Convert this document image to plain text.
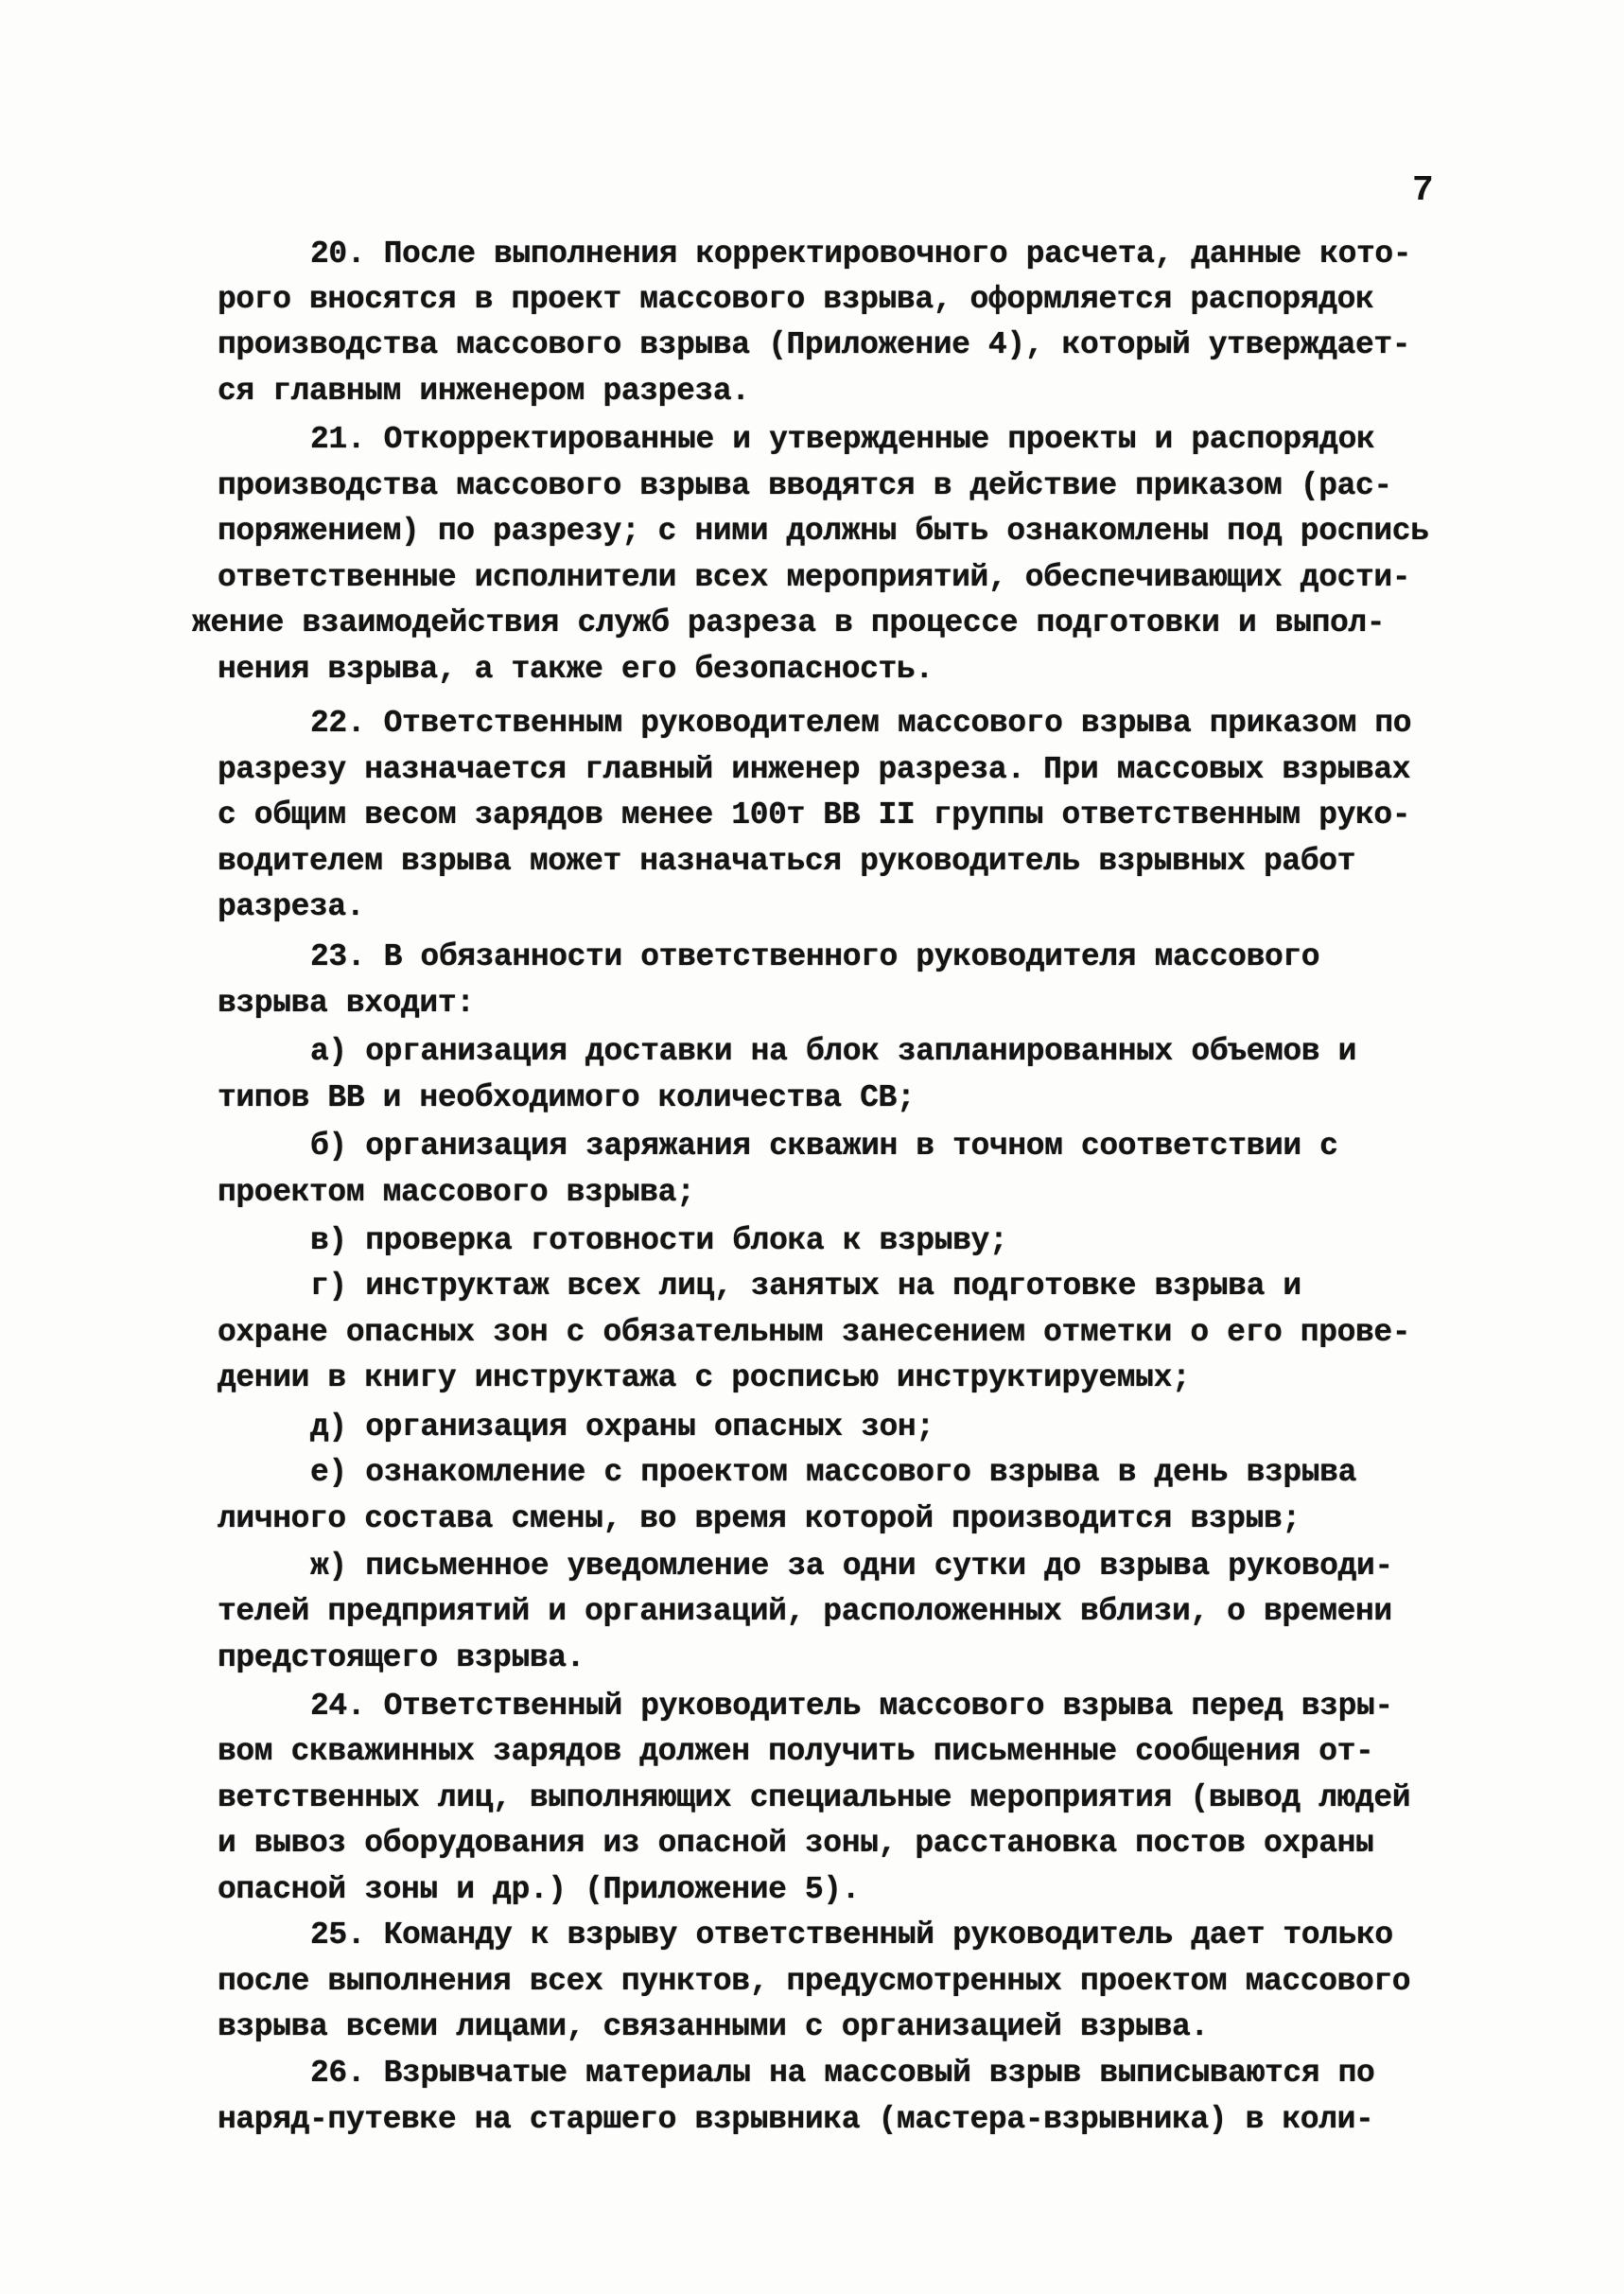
7
20. После выполнения корректировочного расчета, данные кото-
рого вносятся в проект массового взрыва, оформляется распорядок
производства массового взрыва (Приложение 4), который утверждает-
ся главным инженером разреза.
21. Откорректированные и утвержденные проекты и распорядок
производства массового взрыва вводятся в действие приказом (рас-
поряжением) по разрезу; с ними должны быть ознакомлены под роспись
ответственные исполнители всех мероприятий, обеспечивающих дости-
жение взаимодействия служб разреза в процессе подготовки и выпол-
нения взрыва, а также его безопасность.
22. Ответственным руководителем массового взрыва приказом по
разрезу назначается главный инженер разреза. При массовых взрывах
с общим весом зарядов менее 100т ВВ II группы ответственным руко-
водителем взрыва может назначаться руководитель взрывных работ
разреза.
23. В обязанности ответственного руководителя массового
взрыва входит:
а) организация доставки на блок запланированных объемов и
типов ВВ и необходимого количества СВ;
б) организация заряжания скважин в точном соответствии с
проектом массового взрыва;
в) проверка готовности блока к взрыву;
г) инструктаж всех лиц, занятых на подготовке взрыва и
охране опасных зон с обязательным занесением отметки о его прове-
дении в книгу инструктажа с росписью инструктируемых;
д) организация охраны опасных зон;
е) ознакомление с проектом массового взрыва в день взрыва
личного состава смены, во время которой производится взрыв;
ж) письменное уведомление за одни сутки до взрыва руководи-
телей предприятий и организаций, расположенных вблизи, о времени
предстоящего взрыва.
24. Ответственный руководитель массового взрыва перед взры-
вом скважинных зарядов должен получить письменные сообщения от-
ветственных лиц, выполняющих специальные мероприятия (вывод людей
и вывоз оборудования из опасной зоны, расстановка постов охраны
опасной зоны и др.) (Приложение 5).
25. Команду к взрыву ответственный руководитель дает только
после выполнения всех пунктов, предусмотренных проектом массового
взрыва всеми лицами, связанными с организацией взрыва.
26. Взрывчатые материалы на массовый взрыв выписываются по
наряд-путевке на старшего взрывника (мастера-взрывника) в коли-
